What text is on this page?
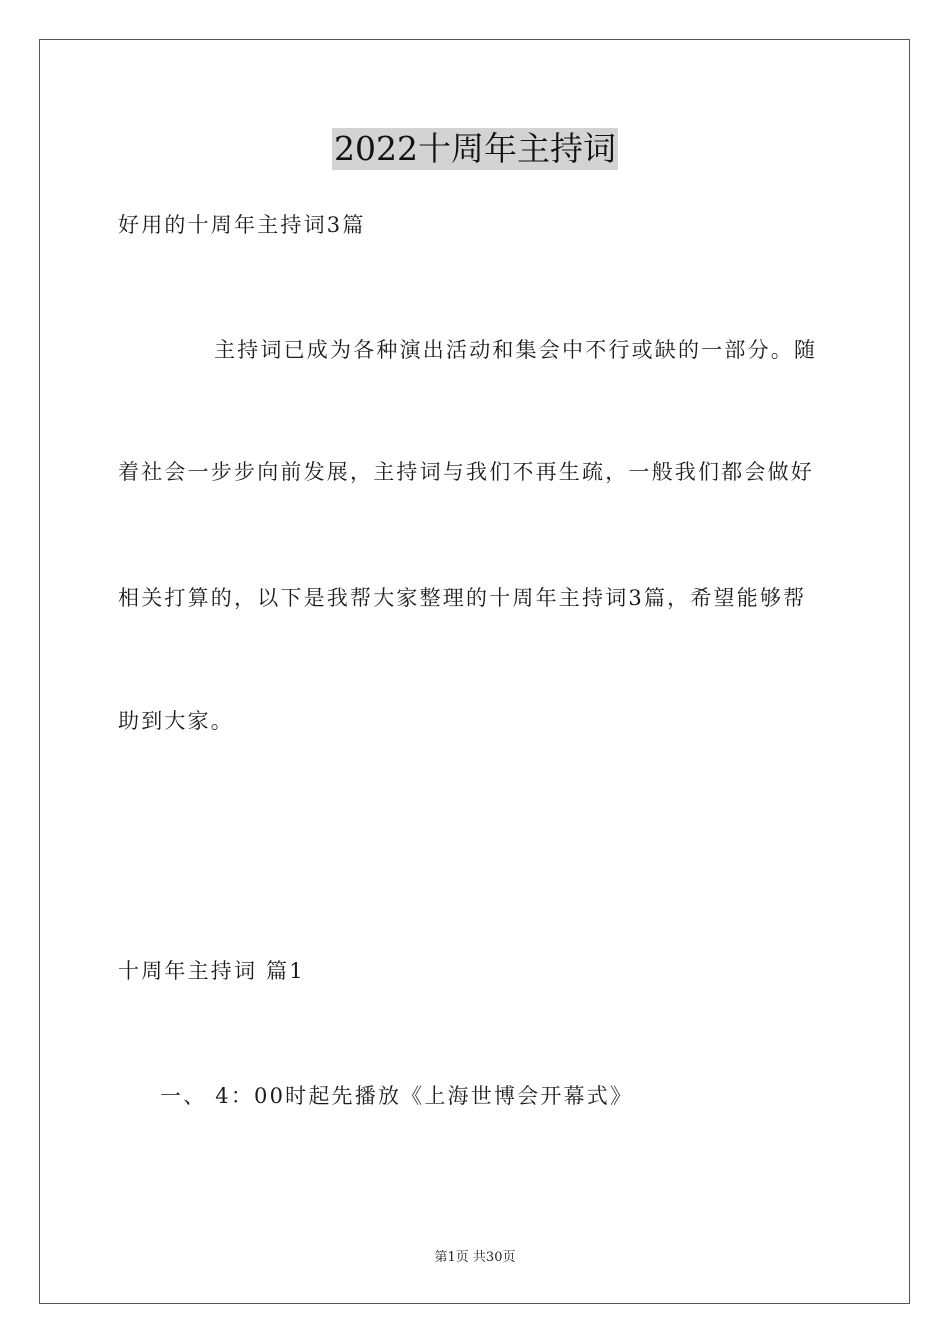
2022十周年主持词
好用的十周年主持词3篇
主持词已成为各种演出活动和集会中不行或缺的一部分。随
着社会一步步向前发展，主持词与我们不再生疏，一般我们都会做好
相关打算的，以下是我帮大家整理的十周年主持词3篇，希望能够帮
助到大家。
十周年主持词 篇1
一、 4：00时起先播放《上海世博会开幕式》
第1页 共30页
